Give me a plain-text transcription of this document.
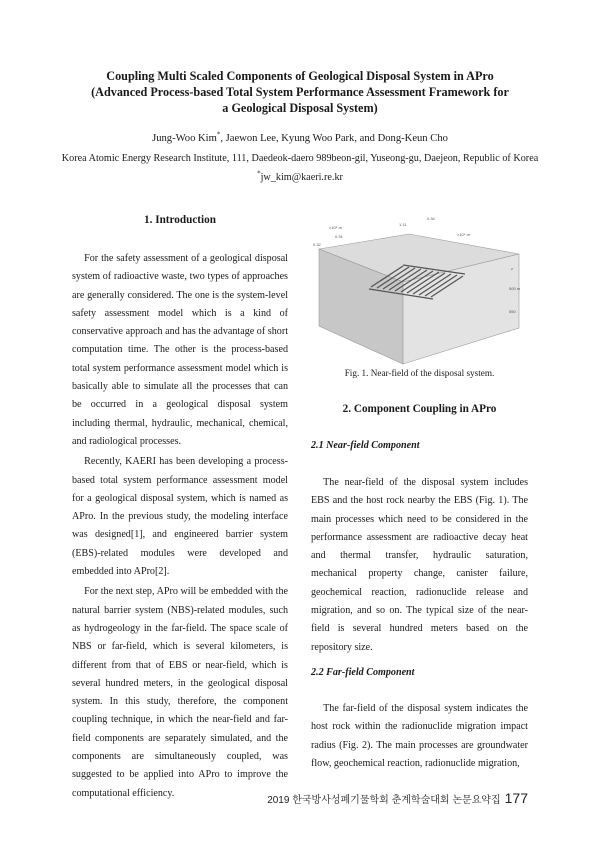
Coupling Multi Scaled Components of Geological Disposal System in APro
(Advanced Process-based Total System Performance Assessment Framework for
a Geological Disposal System)
Jung-Woo Kim*, Jaewon Lee, Kyung Woo Park, and Dong-Keun Cho
Korea Atomic Energy Research Institute, 111, Daedeok-daero 989beon-gil, Yuseong-gu, Daejeon, Republic of Korea
*jw_kim@kaeri.re.kr
1. Introduction

For the safety assessment of a geological disposal system of radioactive waste, two types of approaches are generally considered. The one is the system-level safety assessment model which is a kind of conservative approach and has the advantage of short computation time. The other is the process-based total system performance assessment model which is basically able to simulate all the processes that can be occurred in a geological disposal system including thermal, hydraulic, mechanical, chemical, and radiological processes.

Recently, KAERI has been developing a process-based total system performance assessment model for a geological disposal system, which is named as APro. In the previous study, the modeling interface was designed[1], and engineered barrier system (EBS)-related modules were developed and embedded into APro[2].

For the next step, APro will be embedded with the natural barrier system (NBS)-related modules, such as hydrogeology in the far-field. The space scale of NBS or far-field, which is several kilometers, is different from that of EBS or near-field, which is several hundred meters, in the geological disposal system. In this study, therefore, the component coupling technique, in which the near-field and far-field components are separately simulated, and the components are simultaneously coupled, was suggested to be applied into APro to improve the computational efficiency.

×10⁴ m
0.31
0.32
1.11
0.34
×10⁴ m
z
500 m
550
Fig. 1. Near-field of the disposal system.
2. Component Coupling in APro
2.1 Near-field Component

The near-field of the disposal system includes EBS and the host rock nearby the EBS (Fig. 1). The main processes which need to be considered in the performance assessment are radioactive decay heat and thermal transfer, hydraulic saturation, mechanical property change, canister failure, geochemical reaction, radionuclide release and migration, and so on. The typical size of the near-field is several hundred meters based on the repository size.

2.2 Far-field Component

The far-field of the disposal system indicates the host rock within the radionuclide migration impact radius (Fig. 2). The main processes are groundwater flow, geochemical reaction, radionuclide migration,

2019 한국방사성폐기물학회 춘계학술대회 논문요약집 177
